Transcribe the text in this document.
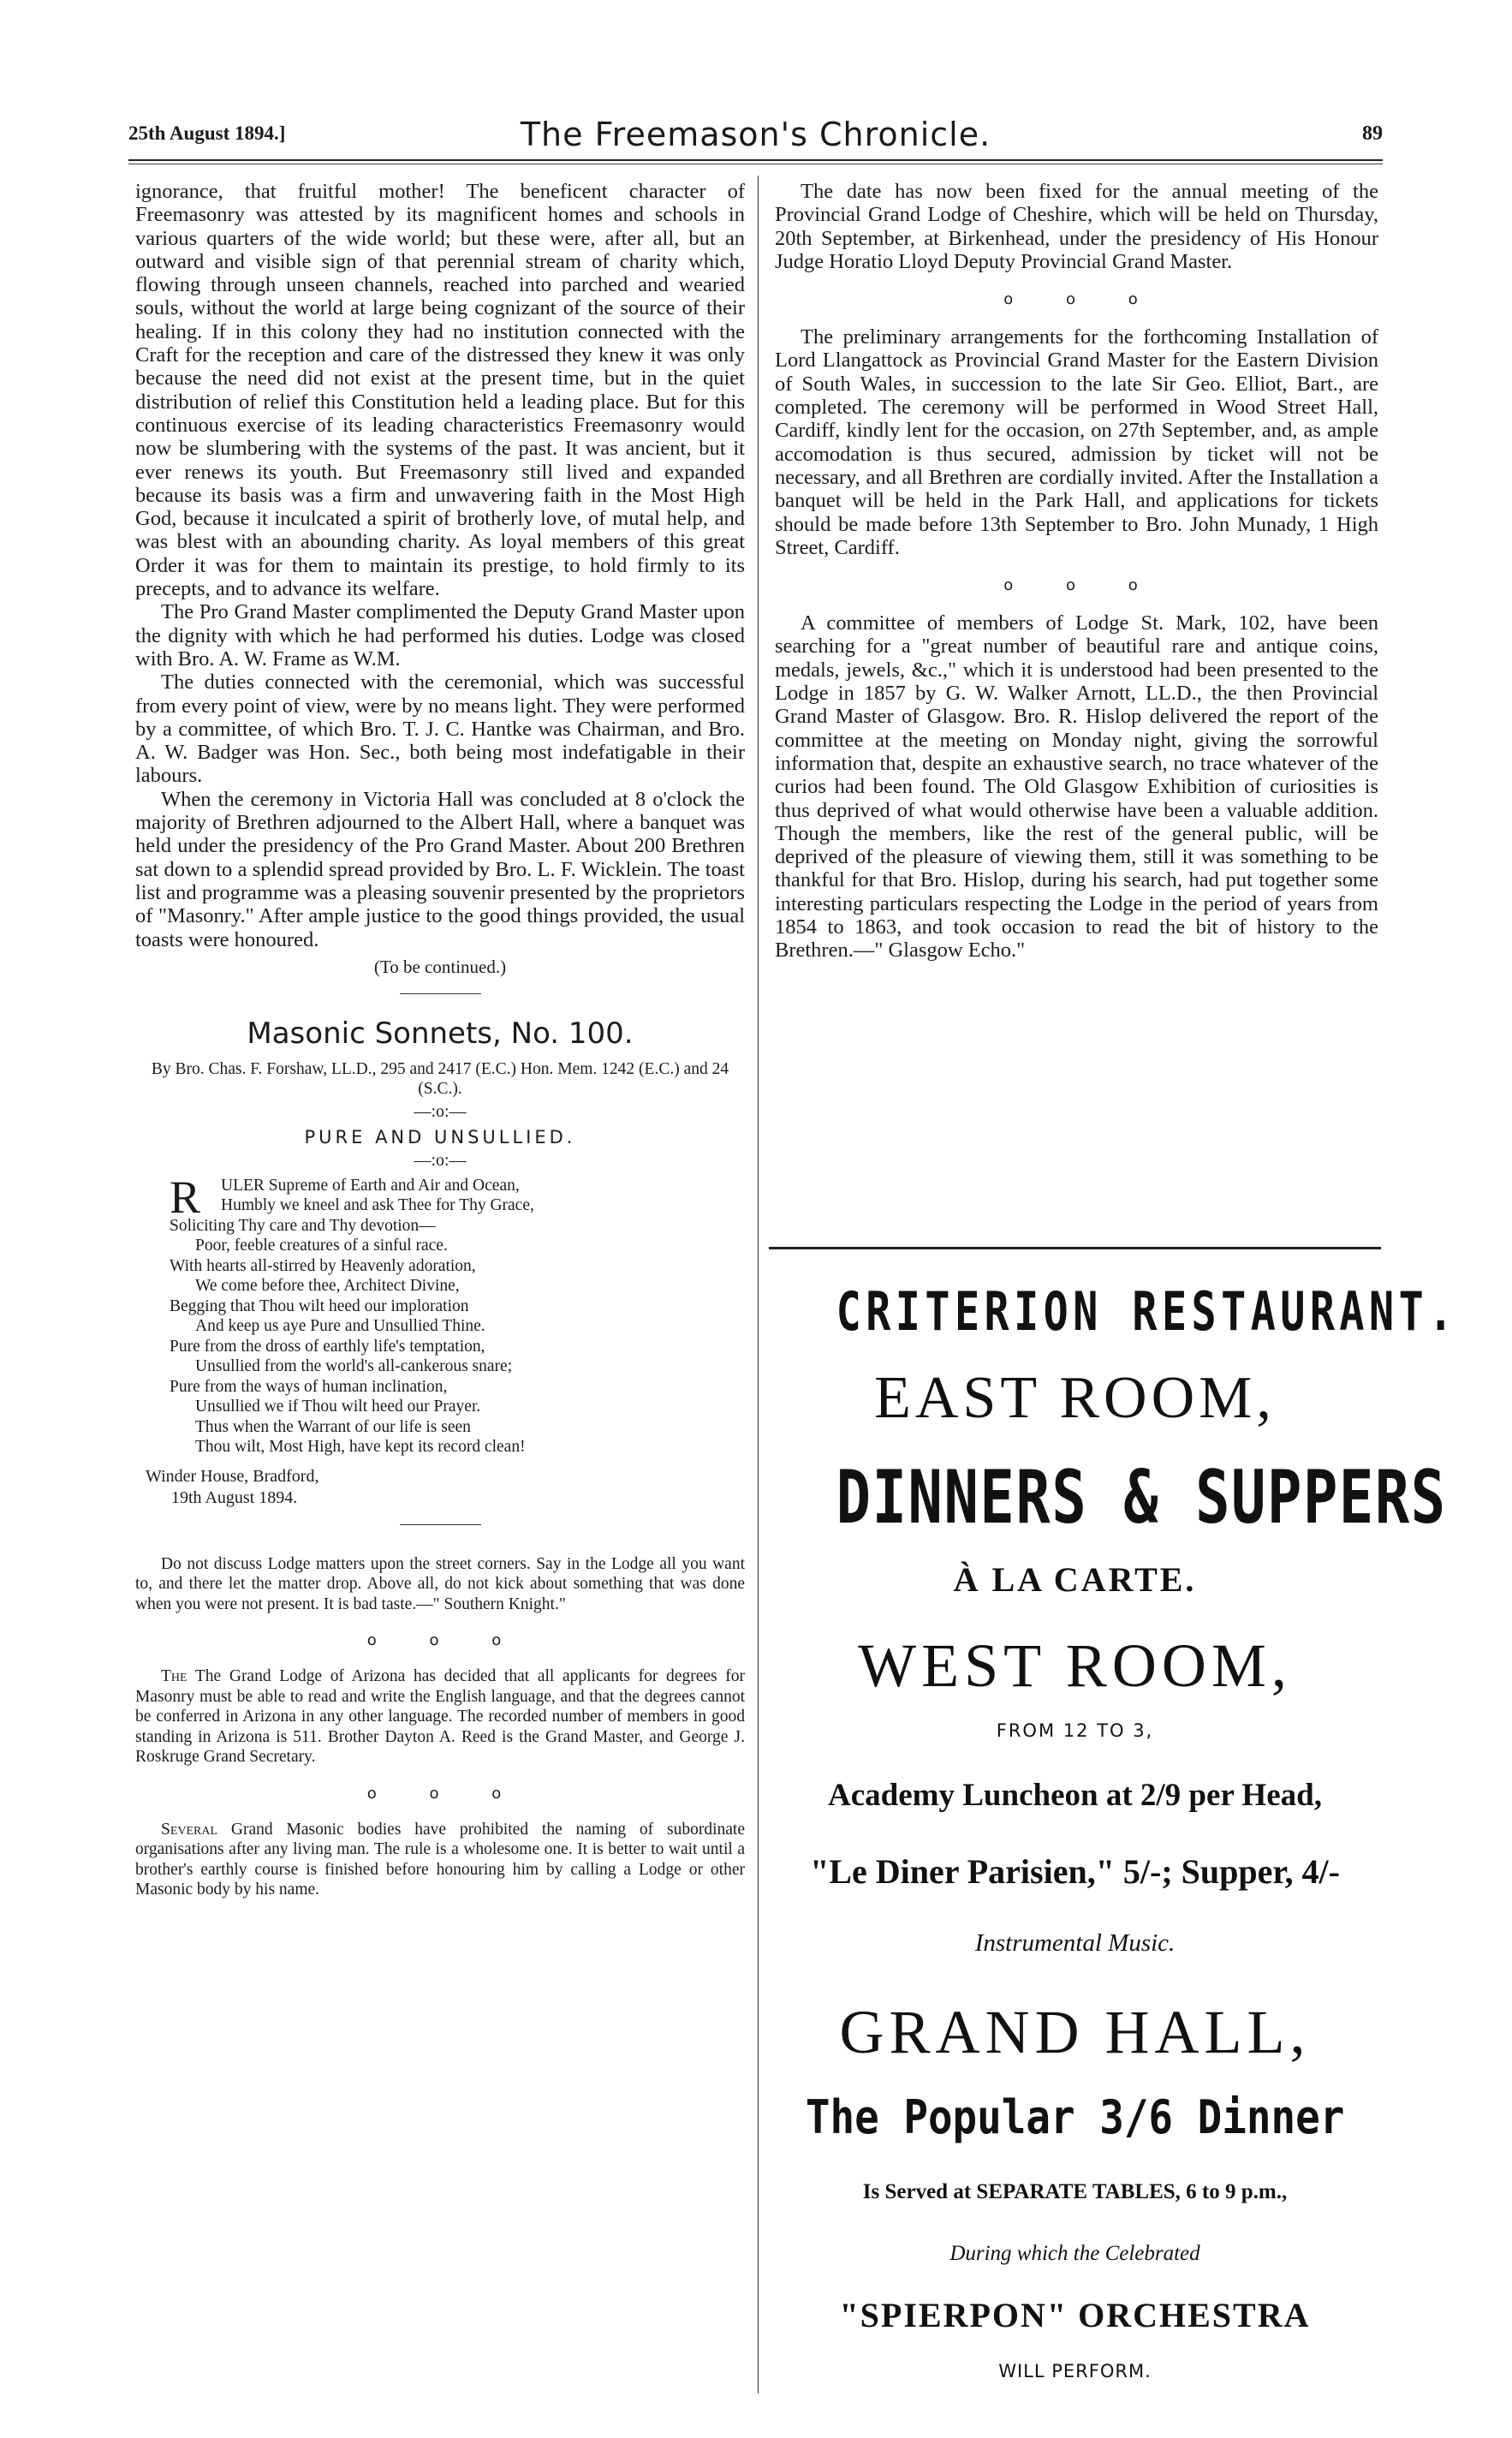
25th August 1894.]	The Freemason's Chronicle.	89

ignorance, that fruitful mother! The beneficent character of Freemasonry was attested by its magnificent homes and schools in various quarters of the wide world; but these were, after all, but an outward and visible sign of that perennial stream of charity which, flowing through unseen channels, reached into parched and wearied souls, without the world at large being cognizant of the source of their healing. If in this colony they had no institution connected with the Craft for the reception and care of the distressed they knew it was only because the need did not exist at the present time, but in the quiet distribution of relief this Constitution held a leading place. But for this continuous exercise of its leading characteristics Freemasonry would now be slumbering with the systems of the past. It was ancient, but it ever renews its youth. But Freemasonry still lived and expanded because its basis was a firm and unwavering faith in the Most High God, because it inculcated a spirit of brotherly love, of mutal help, and was blest with an abounding charity. As loyal members of this great Order it was for them to maintain its prestige, to hold firmly to its precepts, and to advance its welfare.

The Pro Grand Master complimented the Deputy Grand Master upon the dignity with which he had performed his duties. Lodge was closed with Bro. A. W. Frame as W.M.

The duties connected with the ceremonial, which was successful from every point of view, were by no means light. They were performed by a committee, of which Bro. T. J. C. Hantke was Chairman, and Bro. A. W. Badger was Hon. Sec., both being most indefatigable in their labours.

When the ceremony in Victoria Hall was concluded at 8 o'clock the majority of Brethren adjourned to the Albert Hall, where a banquet was held under the presidency of the Pro Grand Master. About 200 Brethren sat down to a splendid spread provided by Bro. L. F. Wicklein. The toast list and programme was a pleasing souvenir presented by the proprietors of "Masonry." After ample justice to the good things provided, the usual toasts were honoured.

(To be continued.)
Masonic Sonnets, No. 100.
By Bro. Chas. F. Forshaw, LL.D., 295 and 2417 (E.C.) Hon. Mem. 1242 (E.C.) and 24 (S.C.).
—:o:—
PURE AND UNSULLIED.
—:o:—
R ULER Supreme of Earth and Air and Ocean,
Humbly we kneel and ask Thee for Thy Grace,
Soliciting Thy care and Thy devotion—
Poor, feeble creatures of a sinful race.
With hearts all-stirred by Heavenly adoration,
We come before thee, Architect Divine,
Begging that Thou wilt heed our imploration
And keep us aye Pure and Unsullied Thine.
Pure from the dross of earthly life's temptation,
Unsullied from the world's all-cankerous snare;
Pure from the ways of human inclination,
Unsullied we if Thou wilt heed our Prayer.
Thus when the Warrant of our life is seen
Thou wilt, Most High, have kept its record clean!
Winder House, Bradford,
19th August 1894.

Do not discuss Lodge matters upon the street corners. Say in the Lodge all you want to, and there let the matter drop. Above all, do not kick about something that was done when you were not present. It is bad taste.—" Southern Knight."

o o o

The The Grand Lodge of Arizona has decided that all applicants for degrees for Masonry must be able to read and write the English language, and that the degrees cannot be conferred in Arizona in any other language. The recorded number of members in good standing in Arizona is 511. Brother Dayton A. Reed is the Grand Master, and George J. Roskruge Grand Secretary.

o o o

Several Grand Masonic bodies have prohibited the naming of subordinate organisations after any living man. The rule is a wholesome one. It is better to wait until a brother's earthly course is finished before honouring him by calling a Lodge or other Masonic body by his name.

The date has now been fixed for the annual meeting of the Provincial Grand Lodge of Cheshire, which will be held on Thursday, 20th September, at Birkenhead, under the presidency of His Honour Judge Horatio Lloyd Deputy Provincial Grand Master.

o o o

The preliminary arrangements for the forthcoming Installation of Lord Llangattock as Provincial Grand Master for the Eastern Division of South Wales, in succession to the late Sir Geo. Elliot, Bart., are completed. The ceremony will be performed in Wood Street Hall, Cardiff, kindly lent for the occasion, on 27th September, and, as ample accomodation is thus secured, admission by ticket will not be necessary, and all Brethren are cordially invited. After the Installation a banquet will be held in the Park Hall, and applications for tickets should be made before 13th September to Bro. John Munady, 1 High Street, Cardiff.

o o o

A committee of members of Lodge St. Mark, 102, have been searching for a "great number of beautiful rare and antique coins, medals, jewels, &c.," which it is understood had been presented to the Lodge in 1857 by G. W. Walker Arnott, LL.D., the then Provincial Grand Master of Glasgow. Bro. R. Hislop delivered the report of the committee at the meeting on Monday night, giving the sorrowful information that, despite an exhaustive search, no trace whatever of the curios had been found. The Old Glasgow Exhibition of curiosities is thus deprived of what would otherwise have been a valuable addition. Though the members, like the rest of the general public, will be deprived of the pleasure of viewing them, still it was something to be thankful for that Bro. Hislop, during his search, had put together some interesting particulars respecting the Lodge in the period of years from 1854 to 1863, and took occasion to read the bit of history to the Brethren.—" Glasgow Echo."

CRITERION RESTAURANT.
EAST ROOM,
DINNERS & SUPPERS
À LA CARTE.
WEST ROOM,
FROM 12 TO 3,
Academy Luncheon at 2/9 per Head,
"Le Diner Parisien," 5/-; Supper, 4/-
Instrumental Music.
GRAND HALL,
The Popular 3/6 Dinner
Is Served at SEPARATE TABLES, 6 to 9 p.m.,
During which the Celebrated
"SPIERPON" ORCHESTRA
WILL PERFORM.
